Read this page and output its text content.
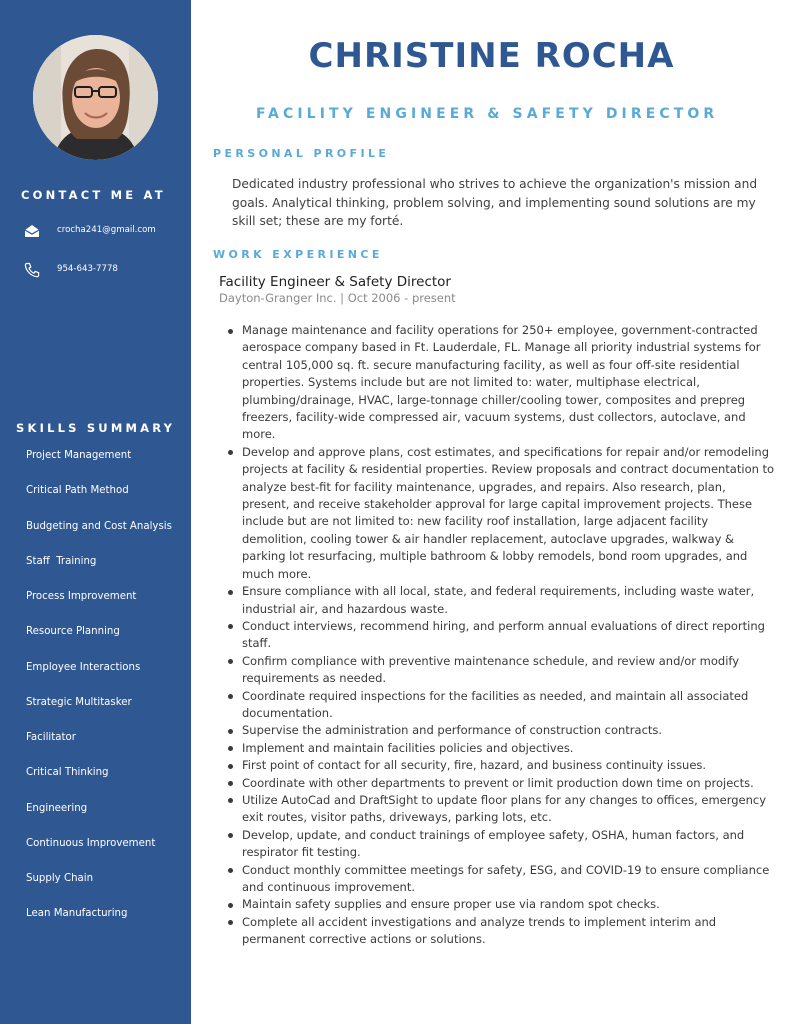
CONTACT ME AT
crocha241@gmail.com
954-643-7778
SKILLS SUMMARY
Project Management
Critical Path Method
Budgeting and Cost Analysis
Staff  Training
Process Improvement
Resource Planning
Employee Interactions
Strategic Multitasker
Facilitator
Critical Thinking
Engineering
Continuous Improvement
Supply Chain
Lean Manufacturing
CHRISTINE ROCHA
FACILITY ENGINEER & SAFETY DIRECTOR
PERSONAL PROFILE

Dedicated industry professional who strives to achieve the organization's mission and goals. Analytical thinking, problem solving, and implementing sound solutions are my skill set; these are my forté.

WORK EXPERIENCE
Facility Engineer & Safety Director
Dayton-Granger Inc. | Oct 2006 - present
Manage maintenance and facility operations for 250+ employee, government-contracted aerospace company based in Ft. Lauderdale, FL. Manage all priority industrial systems for central 105,000 sq. ft. secure manufacturing facility, as well as four off-site residential properties. Systems include but are not limited to: water, multiphase electrical, plumbing/drainage, HVAC, large-tonnage chiller/cooling tower, composites and prepreg freezers, facility-wide compressed air, vacuum systems, dust collectors, autoclave, and more.
Develop and approve plans, cost estimates, and specifications for repair and/or remodeling projects at facility & residential properties. Review proposals and contract documentation to analyze best-fit for facility maintenance, upgrades, and repairs. Also research, plan, present, and receive stakeholder approval for large capital improvement projects. These include but are not limited to: new facility roof installation, large adjacent facility demolition, cooling tower & air handler replacement, autoclave upgrades, walkway & parking lot resurfacing, multiple bathroom & lobby remodels, bond room upgrades, and much more.
Ensure compliance with all local, state, and federal requirements, including waste water, industrial air, and hazardous waste.
Conduct interviews, recommend hiring, and perform annual evaluations of direct reporting staff.
Confirm compliance with preventive maintenance schedule, and review and/or modify requirements as needed.
Coordinate required inspections for the facilities as needed, and maintain all associated documentation.
Supervise the administration and performance of construction contracts.
Implement and maintain facilities policies and objectives.
First point of contact for all security, fire, hazard, and business continuity issues.
Coordinate with other departments to prevent or limit production down time on projects.
Utilize AutoCad and DraftSight to update floor plans for any changes to offices, emergency exit routes, visitor paths, driveways, parking lots, etc.
Develop, update, and conduct trainings of employee safety, OSHA, human factors, and respirator fit testing.
Conduct monthly committee meetings for safety, ESG, and COVID-19 to ensure compliance and continuous improvement.
Maintain safety supplies and ensure proper use via random spot checks.
Complete all accident investigations and analyze trends to implement interim and permanent corrective actions or solutions.
